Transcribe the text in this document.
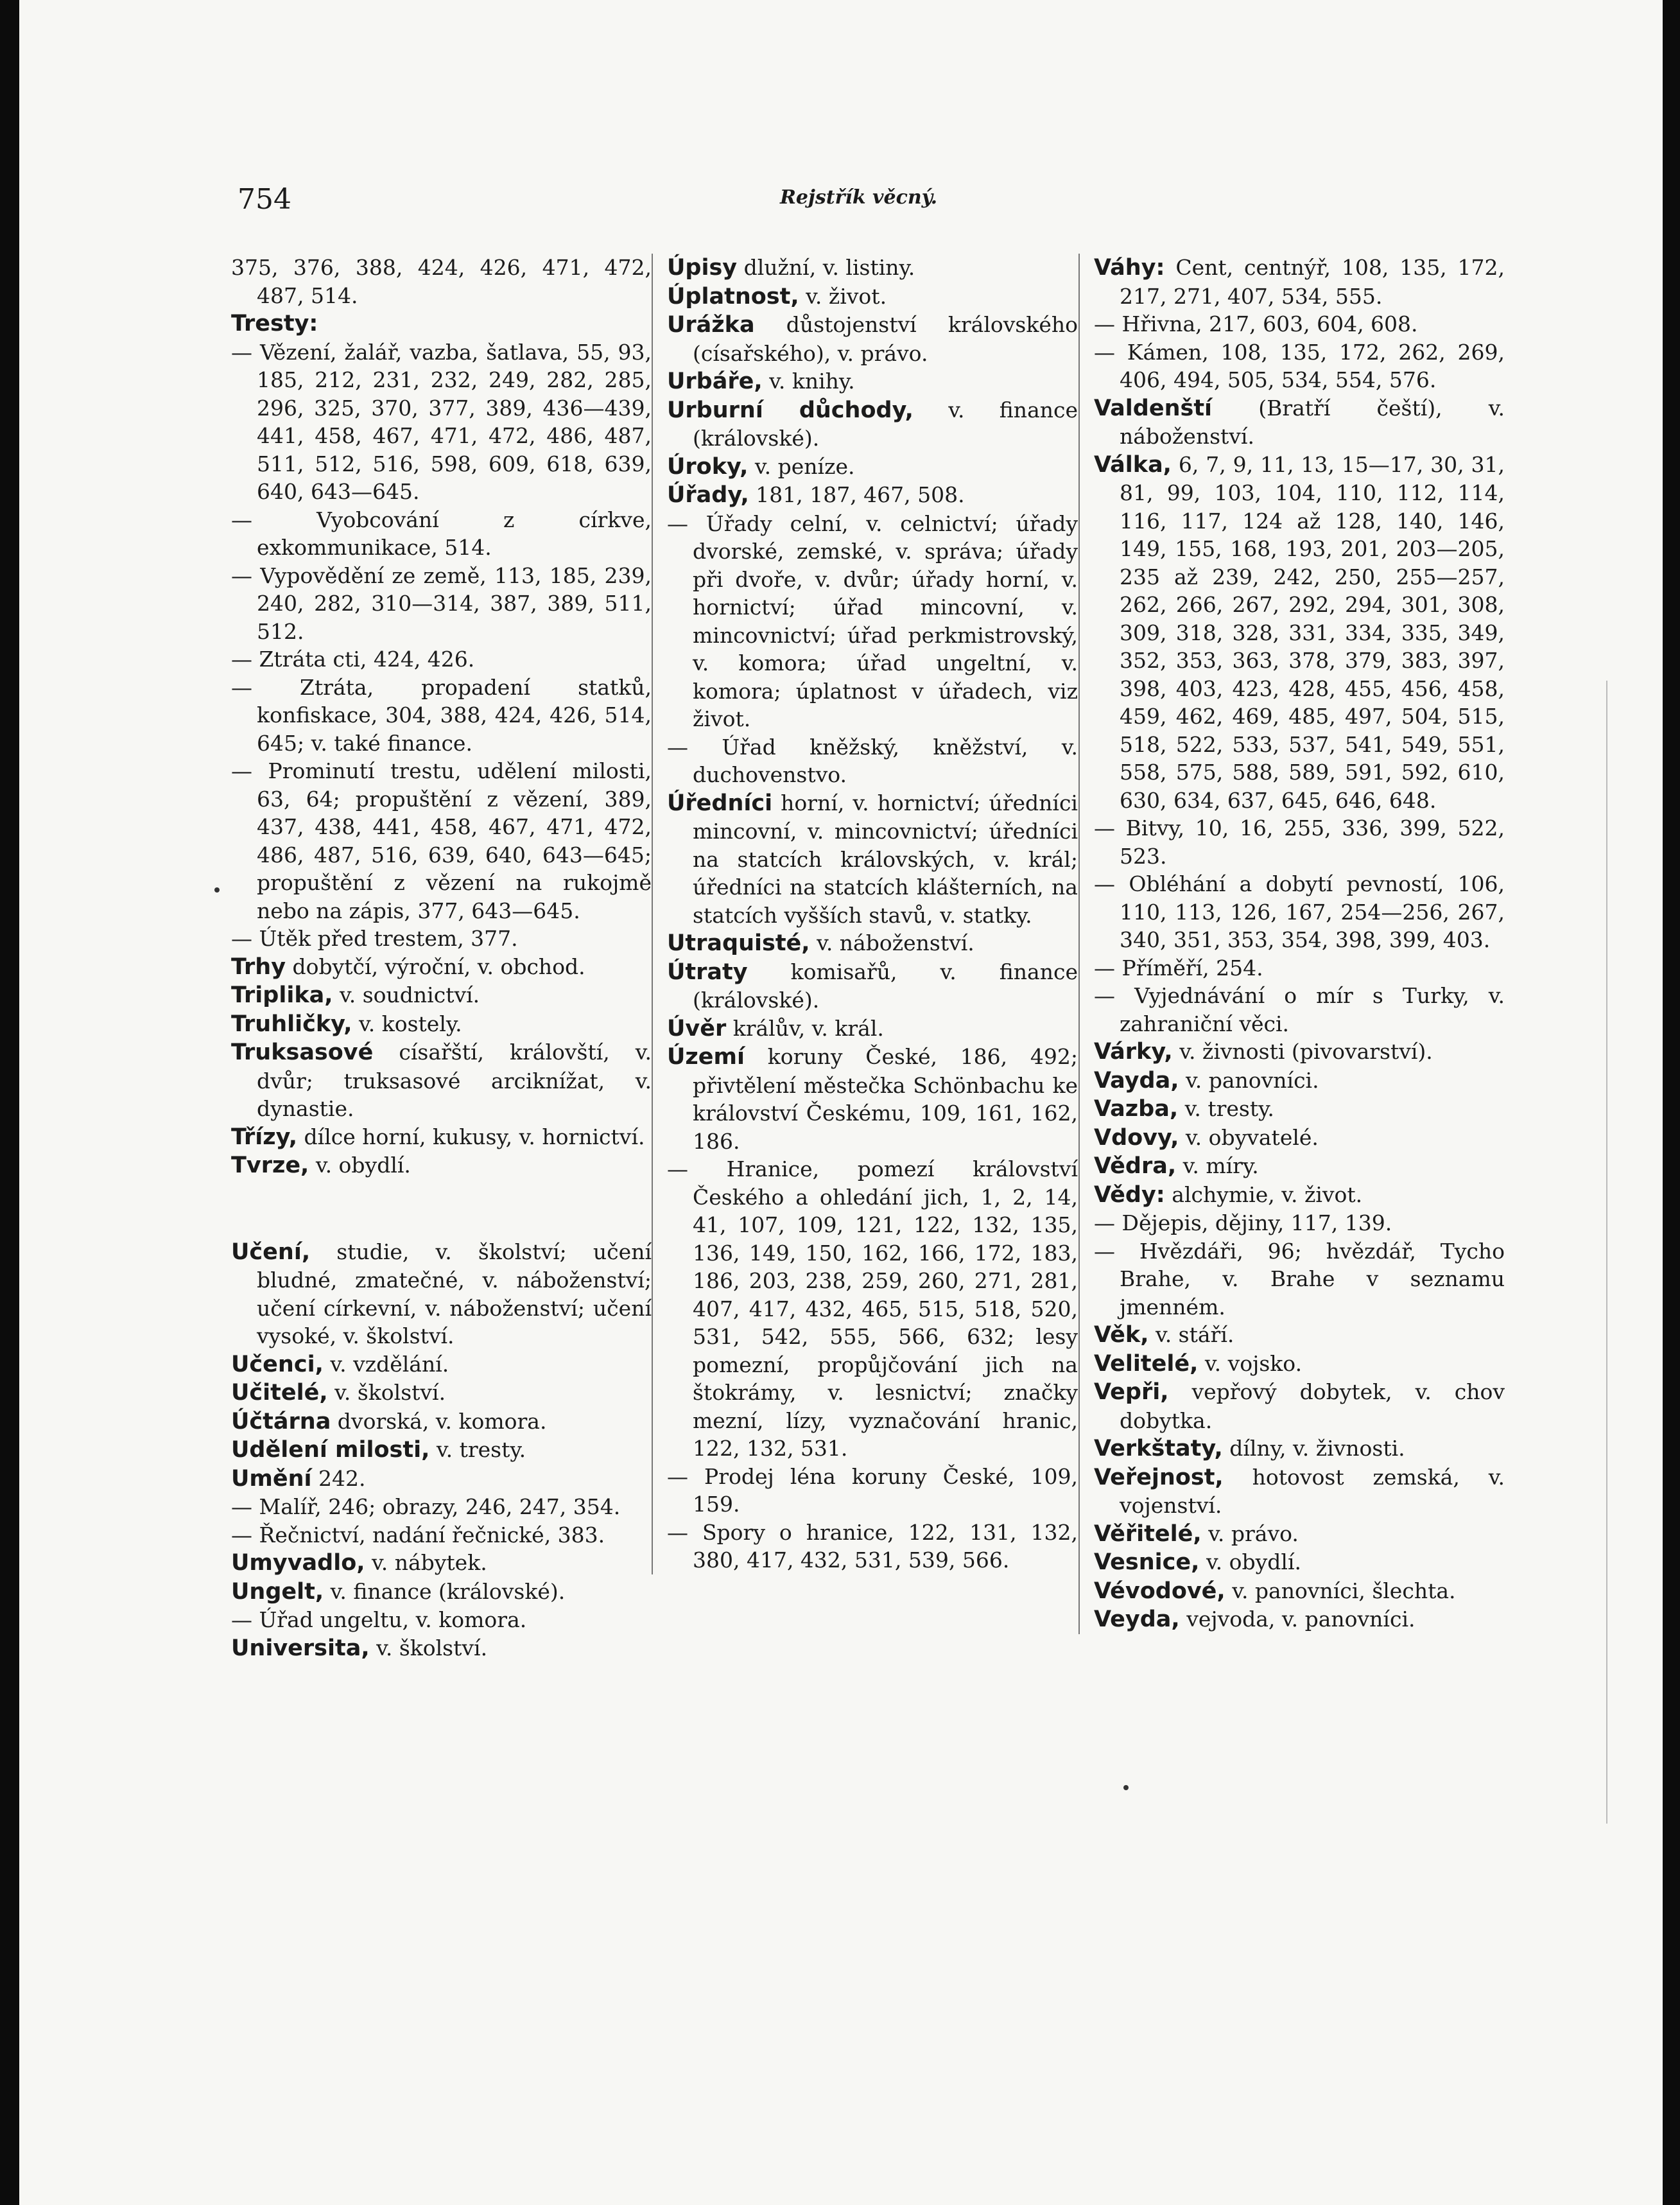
754	Rejstřík věcný.

375, 376, 388, 424, 426, 471, 472, 487, 514.

Tresty:

— Vězení, žalář, vazba, šatlava, 55, 93, 185, 212, 231, 232, 249, 282, 285, 296, 325, 370, 377, 389, 436—439, 441, 458, 467, 471, 472, 486, 487, 511, 512, 516, 598, 609, 618, 639, 640, 643—645.

— Vyobcování z církve, exkommunikace, 514.

— Vypovědění ze země, 113, 185, 239, 240, 282, 310—314, 387, 389, 511, 512.

— Ztráta cti, 424, 426.

— Ztráta, propadení statků, konfiskace, 304, 388, 424, 426, 514, 645; v. také finance.

— Prominutí trestu, udělení milosti, 63, 64; propuštění z vězení, 389, 437, 438, 441, 458, 467, 471, 472, 486, 487, 516, 639, 640, 643—645; propuštění z vězení na rukojmě nebo na zápis, 377, 643—645.

— Útěk před trestem, 377.

Trhy dobytčí, výroční, v. obchod.

Triplika, v. soudnictví.

Truhličky, v. kostely.

Truksasové císařští, královští, v. dvůr; truksasové arciknížat, v. dynastie.

Třízy, dílce horní, kukusy, v. hornictví.

Tvrze, v. obydlí.

Učení, studie, v. školství; učení bludné, zmatečné, v. náboženství; učení církevní, v. náboženství; učení vysoké, v. školství.

Učenci, v. vzdělání.

Učitelé, v. školství.

Účtárna dvorská, v. komora.

Udělení milosti, v. tresty.

Umění 242.

— Malíř, 246; obrazy, 246, 247, 354.

— Řečnictví, nadání řečnické, 383.

Umyvadlo, v. nábytek.

Ungelt, v. finance (královské).

— Úřad ungeltu, v. komora.

Universita, v. školství.

Úpisy dlužní, v. listiny.

Úplatnost, v. život.

Urážka důstojenství královského (císařského), v. právo.

Urbáře, v. knihy.

Urburní důchody, v. finance (královské).

Úroky, v. peníze.

Úřady, 181, 187, 467, 508.

— Úřady celní, v. celnictví; úřady dvorské, zemské, v. správa; úřady při dvoře, v. dvůr; úřady horní, v. hornictví; úřad mincovní, v. mincovnictví; úřad perkmistrovský, v. komora; úřad ungeltní, v. komora; úplatnost v úřadech, viz život.

— Úřad kněžský, kněžství, v. duchovenstvo.

Úředníci horní, v. hornictví; úředníci mincovní, v. mincovnictví; úředníci na statcích královských, v. král; úředníci na statcích klášterních, na statcích vyšších stavů, v. statky.

Utraquisté, v. náboženství.

Útraty komisařů, v. finance (královské).

Úvěr králův, v. král.

Území koruny České, 186, 492; přivtělení městečka Schönbachu ke království Českému, 109, 161, 162, 186.

— Hranice, pomezí království Českého a ohledání jich, 1, 2, 14, 41, 107, 109, 121, 122, 132, 135, 136, 149, 150, 162, 166, 172, 183, 186, 203, 238, 259, 260, 271, 281, 407, 417, 432, 465, 515, 518, 520, 531, 542, 555, 566, 632; lesy pomezní, propůjčování jich na štokrámy, v. lesnictví; značky mezní, lízy, vyznačování hranic, 122, 132, 531.

— Prodej léna koruny České, 109, 159.

— Spory o hranice, 122, 131, 132, 380, 417, 432, 531, 539, 566.

Váhy: Cent, centnýř, 108, 135, 172, 217, 271, 407, 534, 555.

— Hřivna, 217, 603, 604, 608.

— Kámen, 108, 135, 172, 262, 269, 406, 494, 505, 534, 554, 576.

Valdenští (Bratří čeští), v. náboženství.

Válka, 6, 7, 9, 11, 13, 15—17, 30, 31, 81, 99, 103, 104, 110, 112, 114, 116, 117, 124 až 128, 140, 146, 149, 155, 168, 193, 201, 203—205, 235 až 239, 242, 250, 255—257, 262, 266, 267, 292, 294, 301, 308, 309, 318, 328, 331, 334, 335, 349, 352, 353, 363, 378, 379, 383, 397, 398, 403, 423, 428, 455, 456, 458, 459, 462, 469, 485, 497, 504, 515, 518, 522, 533, 537, 541, 549, 551, 558, 575, 588, 589, 591, 592, 610, 630, 634, 637, 645, 646, 648.

— Bitvy, 10, 16, 255, 336, 399, 522, 523.

— Obléhání a dobytí pevností, 106, 110, 113, 126, 167, 254—256, 267, 340, 351, 353, 354, 398, 399, 403.

— Příměří, 254.

— Vyjednávání o mír s Turky, v. zahraniční věci.

Várky, v. živnosti (pivovarství).

Vayda, v. panovníci.

Vazba, v. tresty.

Vdovy, v. obyvatelé.

Vědra, v. míry.

Vědy: alchymie, v. život.

— Dějepis, dějiny, 117, 139.

— Hvězdáři, 96; hvězdář, Tycho Brahe, v. Brahe v seznamu jmenném.

Věk, v. stáří.

Velitelé, v. vojsko.

Vepři, vepřový dobytek, v. chov dobytka.

Verkštaty, dílny, v. živnosti.

Veřejnost, hotovost zemská, v. vojenství.

Věřitelé, v. právo.

Vesnice, v. obydlí.

Vévodové, v. panovníci, šlechta.

Veyda, vejvoda, v. panovníci.
